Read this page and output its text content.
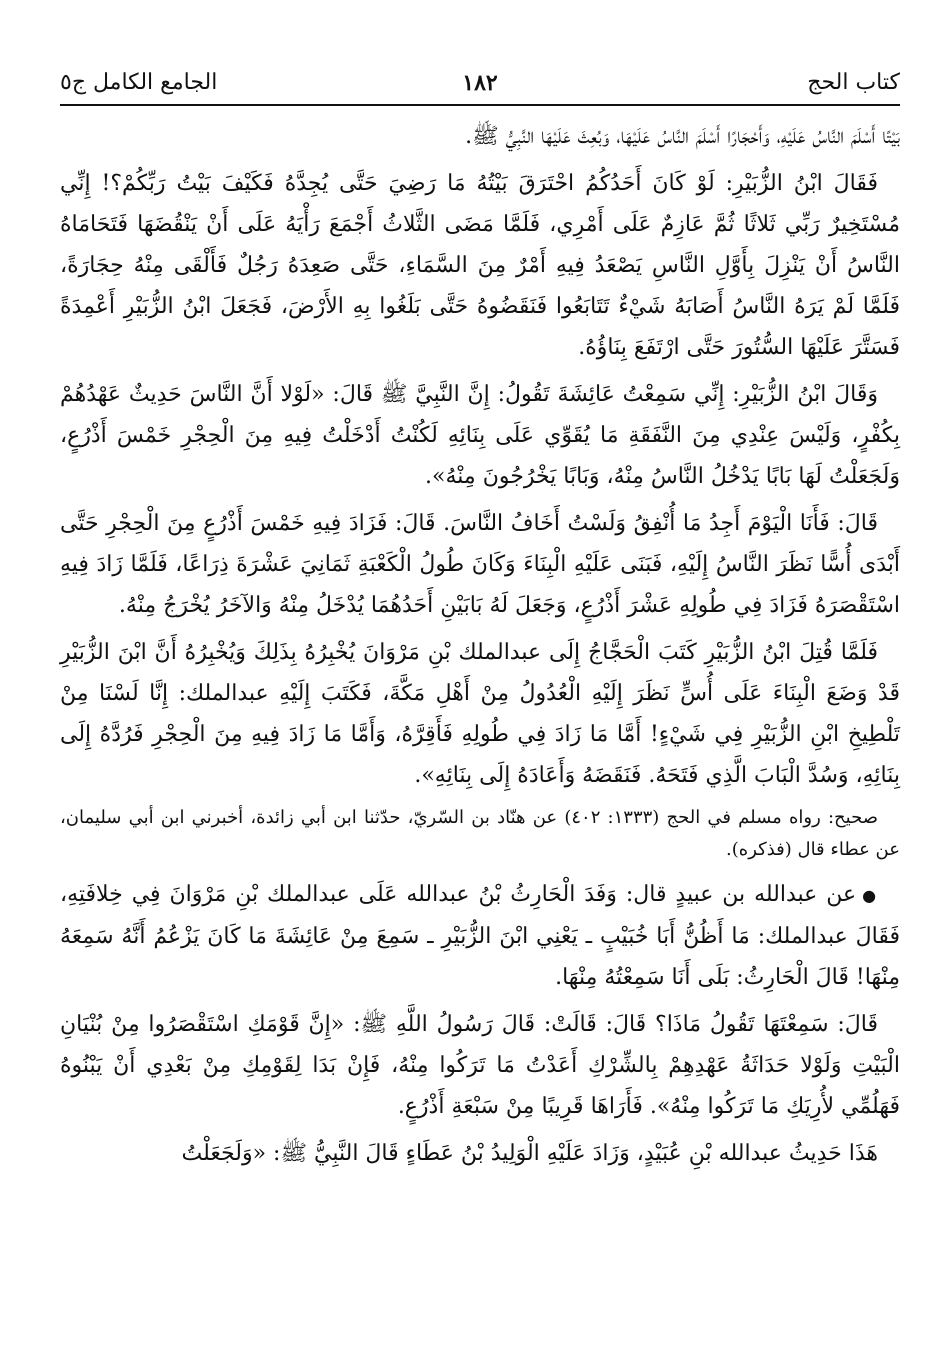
كتاب الحج
١٨٢
الجامع الكامل ج٥

بَيْتًا أَسْلَمَ النَّاسُ عَلَيْهِ، وَأَحْجَارًا أَسْلَمَ النَّاسُ عَلَيْهَا، وَبُعِثَ عَلَيْهَا النَّبِيُّ ﷺ.

فَقَالَ ابْنُ الزُّبَيْرِ: لَوْ كَانَ أَحَدُكُمُ احْتَرَقَ بَيْتُهُ مَا رَضِيَ حَتَّى يُجِدَّهُ فَكَيْفَ بَيْتُ رَبِّكُمْ؟! إِنِّي مُسْتَخِيرٌ رَبِّي ثَلاثًا ثُمَّ عَازِمٌ عَلَى أَمْرِي، فَلَمَّا مَضَى الثَّلاثُ أَجْمَعَ رَأْيَهُ عَلَى أَنْ يَنْقُضَهَا فَتَحَامَاهُ النَّاسُ أَنْ يَنْزِلَ بِأَوَّلِ النَّاسِ يَصْعَدُ فِيهِ أَمْرٌ مِنَ السَّمَاءِ، حَتَّى صَعِدَهُ رَجُلٌ فَأَلْقَى مِنْهُ حِجَارَةً، فَلَمَّا لَمْ يَرَهُ النَّاسُ أَصَابَهُ شَيْءٌ تَتَابَعُوا فَنَقَضُوهُ حَتَّى بَلَغُوا بِهِ الأَرْضَ، فَجَعَلَ ابْنُ الزُّبَيْرِ أَعْمِدَةً فَسَتَّرَ عَلَيْهَا السُّتُورَ حَتَّى ارْتَفَعَ بِنَاؤُهُ.

وَقَالَ ابْنُ الزُّبَيْرِ: إِنِّي سَمِعْتُ عَائِشَةَ تَقُولُ: إِنَّ النَّبِيَّ ﷺ قَالَ: «لَوْلا أَنَّ النَّاسَ حَدِيثٌ عَهْدُهُمْ بِكُفْرٍ، وَلَيْسَ عِنْدِي مِنَ النَّفَقَةِ مَا يُقَوِّي عَلَى بِنَائِهِ لَكُنْتُ أَدْخَلْتُ فِيهِ مِنَ الْحِجْرِ خَمْسَ أَذْرُعٍ، وَلَجَعَلْتُ لَهَا بَابًا يَدْخُلُ النَّاسُ مِنْهُ، وَبَابًا يَخْرُجُونَ مِنْهُ».

قَالَ: فَأَنَا الْيَوْمَ أَجِدُ مَا أُنْفِقُ وَلَسْتُ أَخَافُ النَّاسَ. قَالَ: فَزَادَ فِيهِ خَمْسَ أَذْرُعٍ مِنَ الْحِجْرِ حَتَّى أَبْدَى أُسًّا نَظَرَ النَّاسُ إِلَيْهِ، فَبَنَى عَلَيْهِ الْبِنَاءَ وَكَانَ طُولُ الْكَعْبَةِ ثَمَانِيَ عَشْرَةَ ذِرَاعًا، فَلَمَّا زَادَ فِيهِ اسْتَقْصَرَهُ فَزَادَ فِي طُولِهِ عَشْرَ أَذْرُعٍ، وَجَعَلَ لَهُ بَابَيْنِ أَحَدُهُمَا يُدْخَلُ مِنْهُ وَالآخَرُ يُخْرَجُ مِنْهُ.

فَلَمَّا قُتِلَ ابْنُ الزُّبَيْرِ كَتَبَ الْحَجَّاجُ إِلَى عبدالملك بْنِ مَرْوَانَ يُخْبِرُهُ بِذَلِكَ وَيُخْبِرُهُ أَنَّ ابْنَ الزُّبَيْرِ قَدْ وَضَعَ الْبِنَاءَ عَلَى أُسٍّ نَظَرَ إِلَيْهِ الْعُدُولُ مِنْ أَهْلِ مَكَّةَ، فَكَتَبَ إِلَيْهِ عبدالملك: إِنَّا لَسْنَا مِنْ تَلْطِيخِ ابْنِ الزُّبَيْرِ فِي شَيْءٍ! أَمَّا مَا زَادَ فِي طُولِهِ فَأَقِرَّهُ، وَأَمَّا مَا زَادَ فِيهِ مِنَ الْحِجْرِ فَرُدَّهُ إِلَى بِنَائِهِ، وَسُدَّ الْبَابَ الَّذِي فَتَحَهُ. فَنَقَضَهُ وَأَعَادَهُ إِلَى بِنَائِهِ».

صحيح: رواه مسلم في الحج (١٣٣٣: ٤٠٢) عن هنّاد بن السّريّ، حدّثنا ابن أبي زائدة، أخبرني ابن أبي سليمان، عن عطاء قال (فذكره).

●عن عبدالله بن عبيدٍ قال: وَفَدَ الْحَارِثُ بْنُ عبدالله عَلَى عبدالملك بْنِ مَرْوَانَ فِي خِلافَتِهِ، فَقَالَ عبدالملك: مَا أَظُنُّ أَبَا خُبَيْبٍ ـ يَعْنِي ابْنَ الزُّبَيْرِ ـ سَمِعَ مِنْ عَائِشَةَ مَا كَانَ يَزْعُمُ أَنَّهُ سَمِعَهُ مِنْهَا! قَالَ الْحَارِثُ: بَلَى أَنَا سَمِعْتُهُ مِنْهَا.

قَالَ: سَمِعْتَهَا تَقُولُ مَاذَا؟ قَالَ: قَالَتْ: قَالَ رَسُولُ اللَّهِ ﷺ: «إِنَّ قَوْمَكِ اسْتَقْصَرُوا مِنْ بُنْيَانِ الْبَيْتِ وَلَوْلا حَدَاثَةُ عَهْدِهِمْ بِالشِّرْكِ أَعَدْتُ مَا تَرَكُوا مِنْهُ، فَإِنْ بَدَا لِقَوْمِكِ مِنْ بَعْدِي أَنْ يَبْنُوهُ فَهَلُمِّي لأُرِيَكِ مَا تَرَكُوا مِنْهُ». فَأَرَاهَا قَرِيبًا مِنْ سَبْعَةِ أَذْرُعٍ.

هَذَا حَدِيثُ عبدالله بْنِ عُبَيْدٍ، وَزَادَ عَلَيْهِ الْوَلِيدُ بْنُ عَطَاءٍ قَالَ النَّبِيُّ ﷺ: «وَلَجَعَلْتُ
